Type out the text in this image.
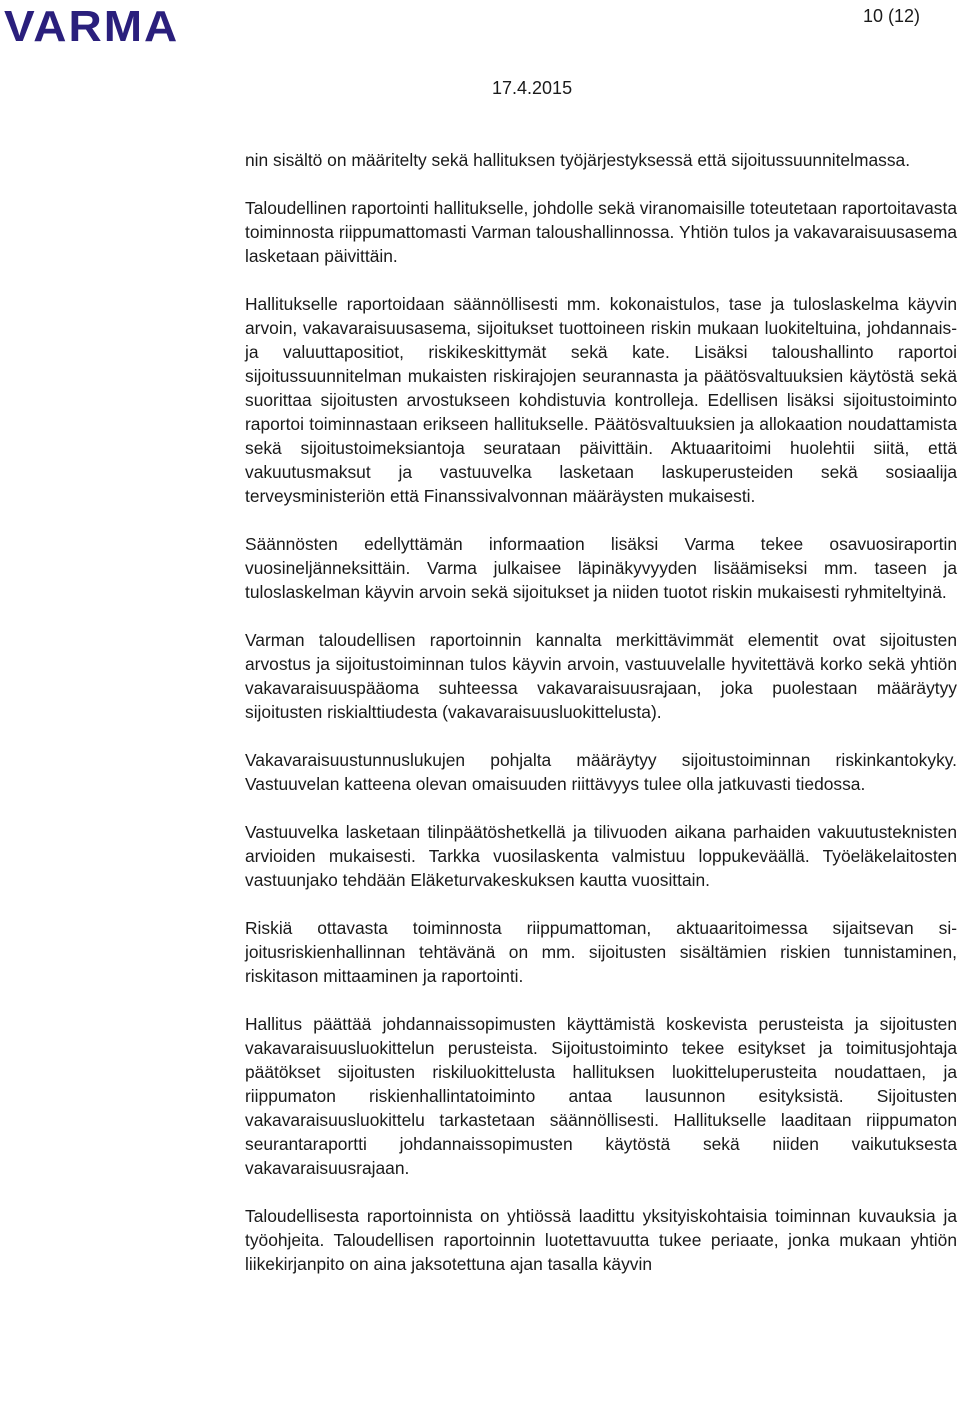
VARMA	10 (12)
17.4.2015

nin sisältö on määritelty sekä hallituksen työjärjestyksessä että sijoitussuunnitelmassa.

Taloudellinen raportointi hallitukselle, johdolle sekä viranomaisille toteutetaan raportoitavasta toiminnosta riippumattomasti Varman taloushallinnossa. Yhtiön tulos ja vakavaraisuusasema lasketaan päivittäin.

Hallitukselle raportoidaan säännöllisesti mm. kokonaistulos, tase ja tuloslaskelma käyvin arvoin, vakavaraisuusasema, sijoitukset tuottoineen riskin mukaan luokiteltuina, johdannais- ja valuuttapositiot, riskikeskittymät sekä kate. Lisäksi taloushallinto raportoi sijoitussuunnitelman mukaisten riskirajojen seurannasta ja päätösvaltuuksien käytöstä sekä suorittaa sijoitusten arvostukseen kohdistuvia kontrolleja. Edellisen lisäksi sijoitustoiminto raportoi toiminnastaan erikseen hallitukselle. Päätösvaltuuksien ja allokaation noudattamista sekä sijoitustoimeksiantoja seurataan päivittäin. Aktuaaritoimi huolehtii siitä, että vakuutusmaksut ja vastuuvelka lasketaan laskuperusteiden sekä sosiaalija terveysministeriön että Finanssivalvonnan määräysten mukaisesti.

Säännösten edellyttämän informaation lisäksi Varma tekee osavuosiraportin vuosineljänneksittäin. Varma julkaisee läpinäkyvyyden lisäämiseksi mm. taseen ja tuloslaskelman käyvin arvoin sekä sijoitukset ja niiden tuotot riskin mukaisesti ryhmiteltyinä.

Varman taloudellisen raportoinnin kannalta merkittävimmät elementit ovat sijoitusten arvostus ja sijoitustoiminnan tulos käyvin arvoin, vastuuvelalle hyvitettävä korko sekä yhtiön vakavaraisuuspääoma suhteessa vakavaraisuusrajaan, joka puolestaan määräytyy sijoitusten riskialttiudesta (vakavaraisuusluokittelusta).

Vakavaraisuustunnuslukujen pohjalta määräytyy sijoitustoiminnan riskinkantokyky. Vastuuvelan katteena olevan omaisuuden riittävyys tulee olla jatkuvasti tiedossa.

Vastuuvelka lasketaan tilinpäätöshetkellä ja tilivuoden aikana parhaiden vakuutusteknisten arvioiden mukaisesti. Tarkka vuosilaskenta valmistuu loppukeväällä. Työeläkelaitosten vastuunjako tehdään Eläketurvakeskuksen kautta vuosittain.

Riskiä ottavasta toiminnosta riippumattoman, aktuaaritoimessa sijaitsevan sijoitusriskienhallinnan tehtävänä on mm. sijoitusten sisältämien riskien tunnistaminen, riskitason mittaaminen ja raportointi.

Hallitus päättää johdannaissopimusten käyttämistä koskevista perusteista ja sijoitusten vakavaraisuusluokittelun perusteista. Sijoitustoiminto tekee esitykset ja toimitusjohtaja päätökset sijoitusten riskiluokittelusta hallituksen luokitteluperusteita noudattaen, ja riippumaton riskienhallintatoiminto antaa lausunnon esityksistä. Sijoitusten vakavaraisuusluokittelu tarkastetaan säännöllisesti. Hallitukselle laaditaan riippumaton seurantaraportti johdannaissopimusten käytöstä sekä niiden vaikutuksesta vakavaraisuusrajaan.

Taloudellisesta raportoinnista on yhtiössä laadittu yksityiskohtaisia toiminnan kuvauksia ja työohjeita. Taloudellisen raportoinnin luotettavuutta tukee periaate, jonka mukaan yhtiön liikekirjanpito on aina jaksotettuna ajan tasalla käyvin
